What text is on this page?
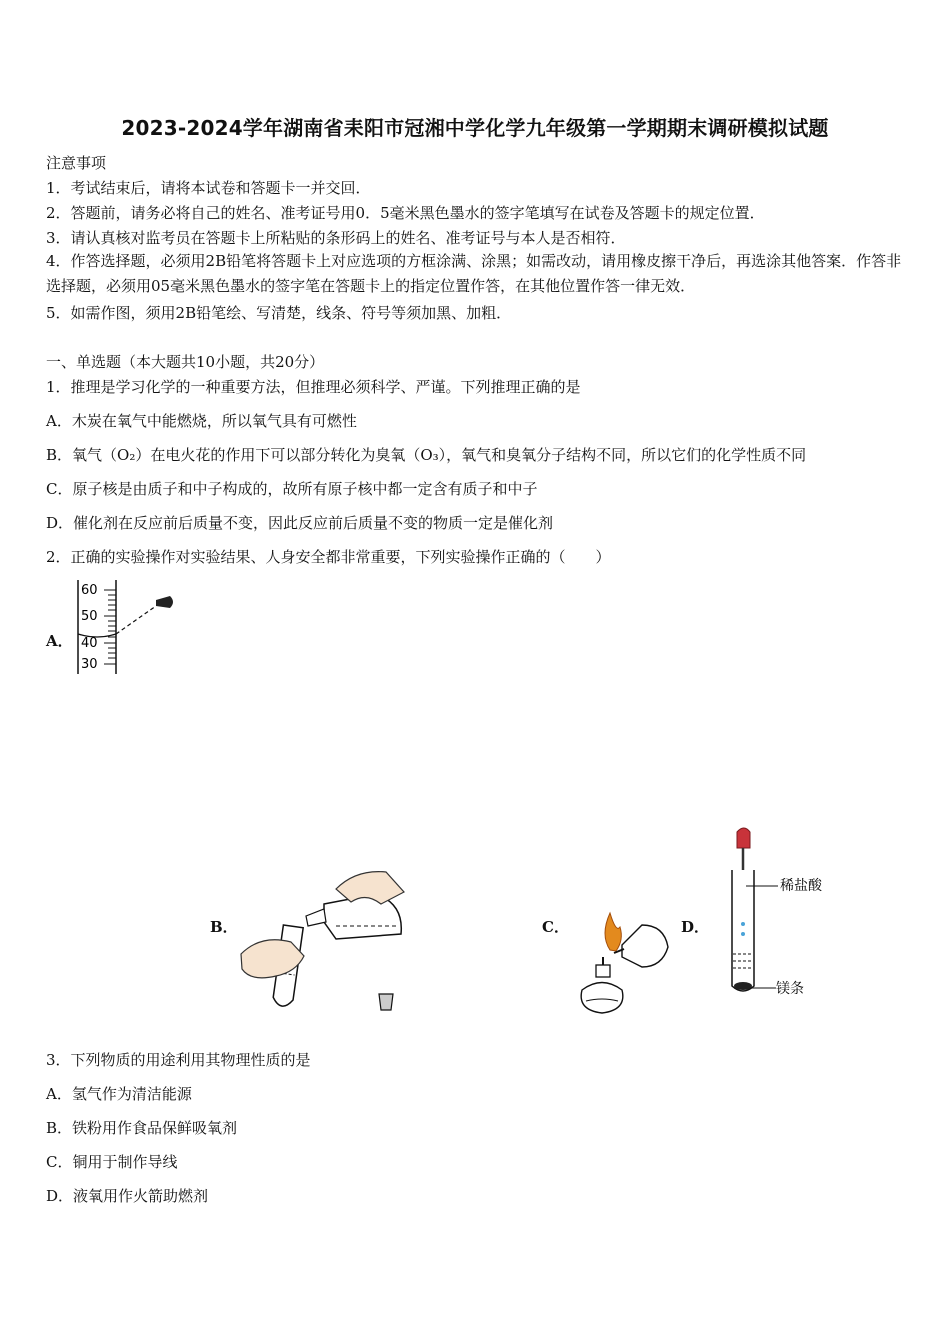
2023-2024学年湖南省耒阳市冠湘中学化学九年级第一学期期末调研模拟试题
注意事项
1．考试结束后，请将本试卷和答题卡一并交回．
2．答题前，请务必将自己的姓名、准考证号用0．5毫米黑色墨水的签字笔填写在试卷及答题卡的规定位置．
3．请认真核对监考员在答题卡上所粘贴的条形码上的姓名、准考证号与本人是否相符．
4．作答选择题，必须用2B铅笔将答题卡上对应选项的方框涂满、涂黑；如需改动，请用橡皮擦干净后，再选涂其他答案．作答非选择题，必须用05毫米黑色墨水的签字笔在答题卡上的指定位置作答，在其他位置作答一律无效．
5．如需作图，须用2B铅笔绘、写清楚，线条、符号等须加黑、加粗．
一、单选题（本大题共10小题，共20分）
1．推理是学习化学的一种重要方法，但推理必须科学、严谨。下列推理正确的是
A．木炭在氧气中能燃烧，所以氧气具有可燃性
B．氧气（O₂）在电火花的作用下可以部分转化为臭氧（O₃），氧气和臭氧分子结构不同，所以它们的化学性质不同
C．原子核是由质子和中子构成的，故所有原子核中都一定含有质子和中子
D．催化剂在反应前后质量不变，因此反应前后质量不变的物质一定是催化剂
2．正确的实验操作对实验结果、人身安全都非常重要，下列实验操作正确的（　　）
A．
60
50
40
30
B．	C．	D．
稀盐酸
镁条
3．下列物质的用途利用其物理性质的是
A．氢气作为清洁能源
B．铁粉用作食品保鲜吸氧剂
C．铜用于制作导线
D．液氧用作火箭助燃剂
